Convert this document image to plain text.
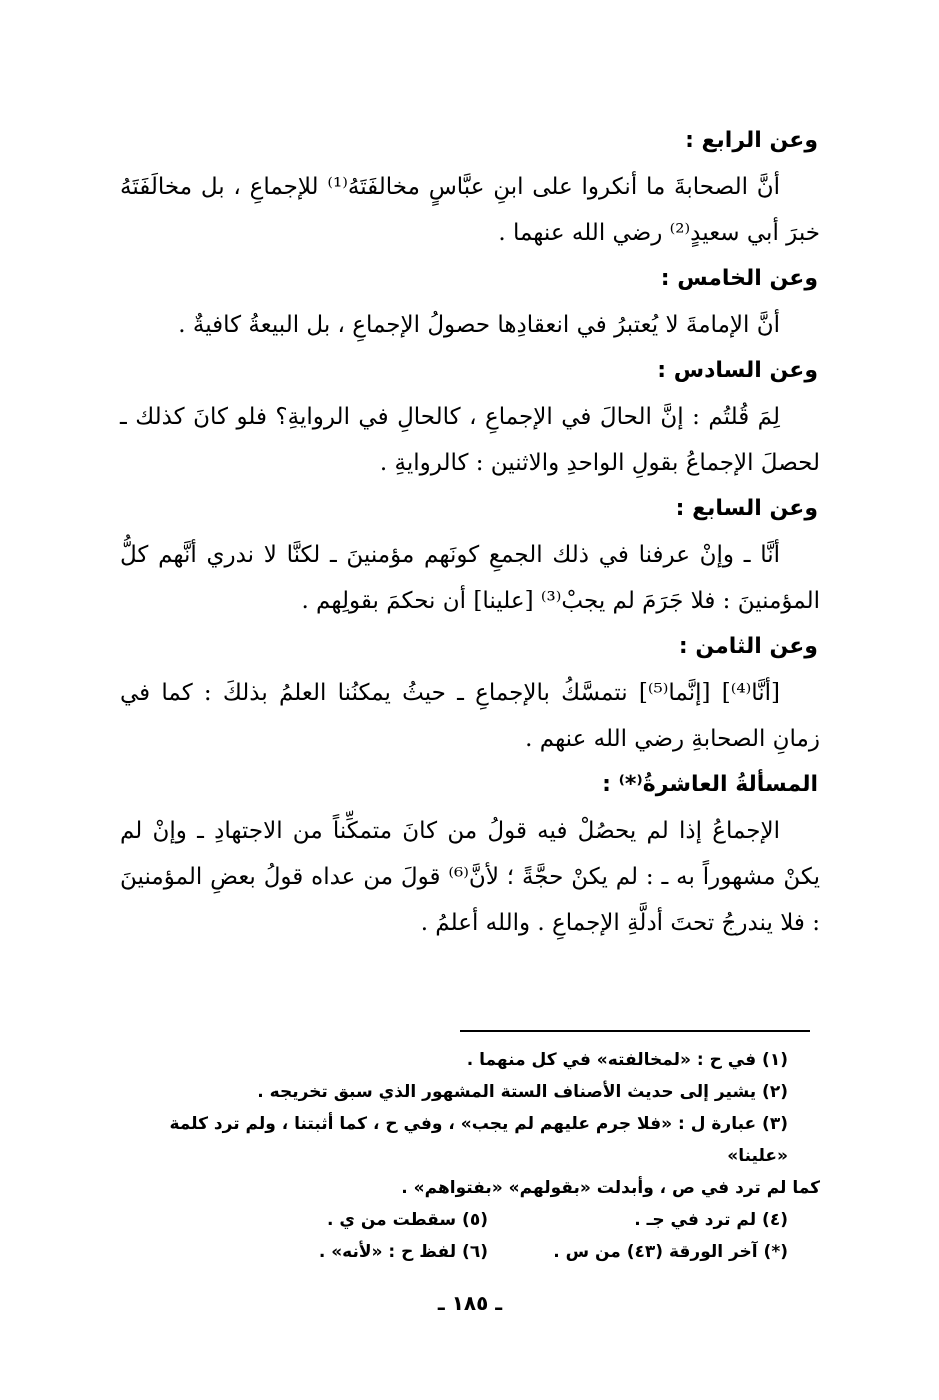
وعن الرابع :

أنَّ الصحابةَ ما أنكروا على ابنِ عبَّاسٍ مخالفَتَهُ⁽¹⁾ للإجماعِ ، بل مخالَفَتَهُ خبرَ أبي سعيدٍ⁽²⁾ رضي الله عنهما .

وعن الخامس :

أنَّ الإمامةَ لا يُعتبرُ في انعقادِها حصولُ الإجماعِ ، بل البيعةُ كافيةٌ .

وعن السادس :

لِمَ قُلتُم : إنَّ الحالَ في الإجماعِ ، كالحالِ في الروايةِ؟ فلو كانَ كذلك ـ لحصلَ الإجماعُ بقولِ الواحدِ والاثنين : كالروايةِ .

وعن السابع :

أنَّا ـ وإنْ عرفنا في ذلك الجمعِ كونَهم مؤمنينَ ـ لكنَّا لا ندري أنَّهم كلُّ المؤمنينَ : فلا جَرَمَ لم يجبْ⁽³⁾ [علينا] أن نحكمَ بقولِهم .

وعن الثامن :

[أنَّا⁽⁴⁾] [إنَّما⁽⁵⁾] نتمسَّكُ بالإجماعِ ـ حيثُ يمكنُنا العلمُ بذلكَ : كما في زمانِ الصحابةِ رضي الله عنهم .

المسألةُ العاشرةُ⁽*⁾ :

الإجماعُ إذا لم يحصُلْ فيه قولُ من كانَ متمكِّناً من الاجتهادِ ـ وإنْ لم يكنْ مشهوراً به ـ : لم يكنْ حجَّةً ؛ لأنَّ⁽⁶⁾ قولَ من عداه قولُ بعضِ المؤمنينَ : فلا يندرجُ تحتَ أدلَّةِ الإجماعِ . والله أعلمُ .

(١) في ح : «لمخالفته» في كل منهما .

(٢) يشير إلى حديث الأصناف الستة المشهور الذي سبق تخريجه .

(٣) عبارة ل : «فلا جرم عليهم لم يجب» ، وفي ح ، كما أثبتنا ، ولم ترد كلمة «علينا»

كما لم ترد في ص ، وأبدلت «بقولهم» «بفتواهم» .

(٤) لم ترد في جـ .
(٥) سقطت من ي .
(*) آخر الورقة (٤٣) من س .
(٦) لفظ ح : «لأنه» .
ـ ١٨٥ ـ
